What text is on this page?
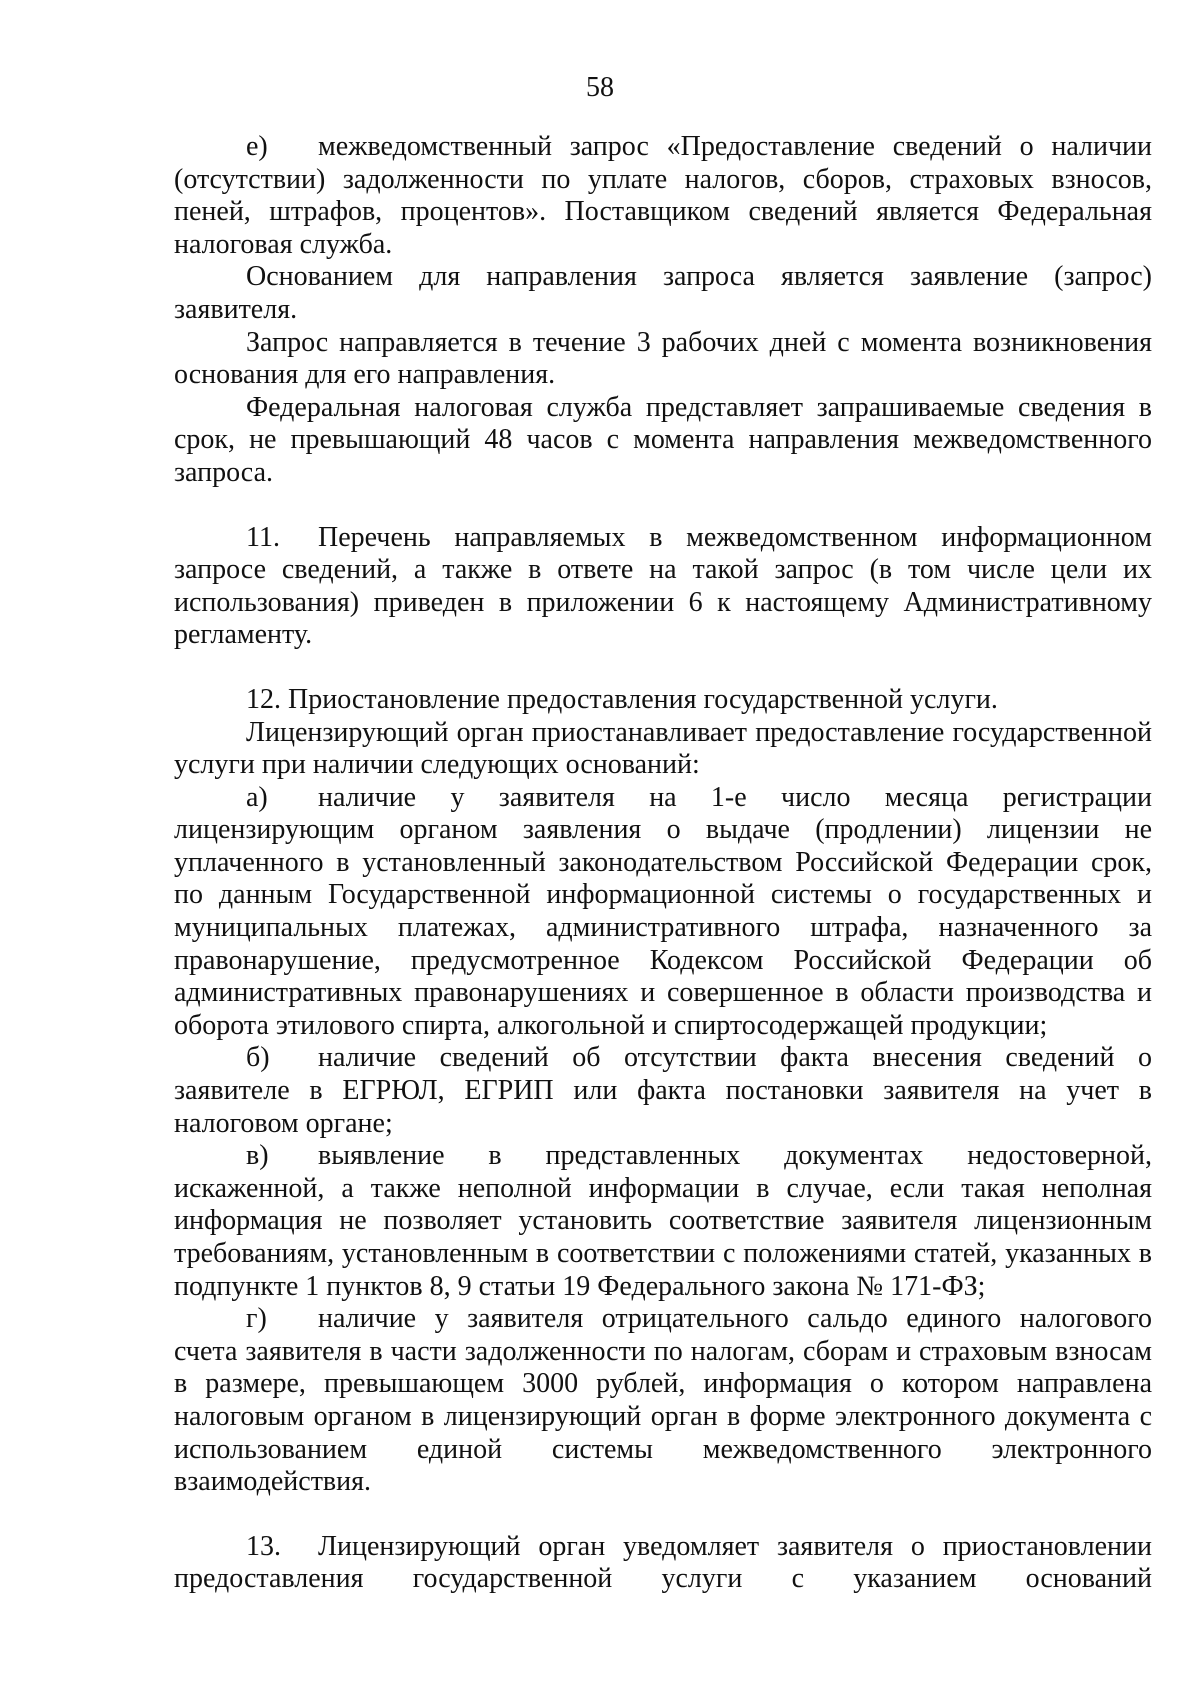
58

е) межведомственный запрос «Предоставление сведений о наличии (отсутствии) задолженности по уплате налогов, сборов, страховых взносов, пеней, штрафов, процентов». Поставщиком сведений является Федеральная налоговая служба.

Основанием для направления запроса является заявление (запрос) заявителя.

Запрос направляется в течение 3 рабочих дней с момента возникновения основания для его направления.

Федеральная налоговая служба представляет запрашиваемые сведения в срок, не превышающий 48 часов с момента направления межведомственного запроса.

11. Перечень направляемых в межведомственном информационном запросе сведений, а также в ответе на такой запрос (в том числе цели их использования) приведен в приложении 6 к настоящему Административному регламенту.

12. Приостановление предоставления государственной услуги.

Лицензирующий орган приостанавливает предоставление государственной услуги при наличии следующих оснований:

а) наличие у заявителя на 1-е число месяца регистрации лицензирующим органом заявления о выдаче (продлении) лицензии не уплаченного в установленный законодательством Российской Федерации срок, по данным Государственной информационной системы о государственных и муниципальных платежах, административного штрафа, назначенного за правонарушение, предусмотренное Кодексом Российской Федерации об административных правонарушениях и совершенное в области производства и оборота этилового спирта, алкогольной и спиртосодержащей продукции;

б) наличие сведений об отсутствии факта внесения сведений о заявителе в ЕГРЮЛ, ЕГРИП или факта постановки заявителя на учет в налоговом органе;

в) выявление в представленных документах недостоверной, искаженной, а также неполной информации в случае, если такая неполная информация не позволяет установить соответствие заявителя лицензионным требованиям, установленным в соответствии с положениями статей, указанных в подпункте 1 пунктов 8, 9 статьи 19 Федерального закона № 171-ФЗ;

г) наличие у заявителя отрицательного сальдо единого налогового счета заявителя в части задолженности по налогам, сборам и страховым взносам в размере, превышающем 3000 рублей, информация о котором направлена налоговым органом в лицензирующий орган в форме электронного документа с использованием единой системы межведомственного электронного взаимодействия.

13. Лицензирующий орган уведомляет заявителя о приостановлении предоставления государственной услуги с указанием оснований
